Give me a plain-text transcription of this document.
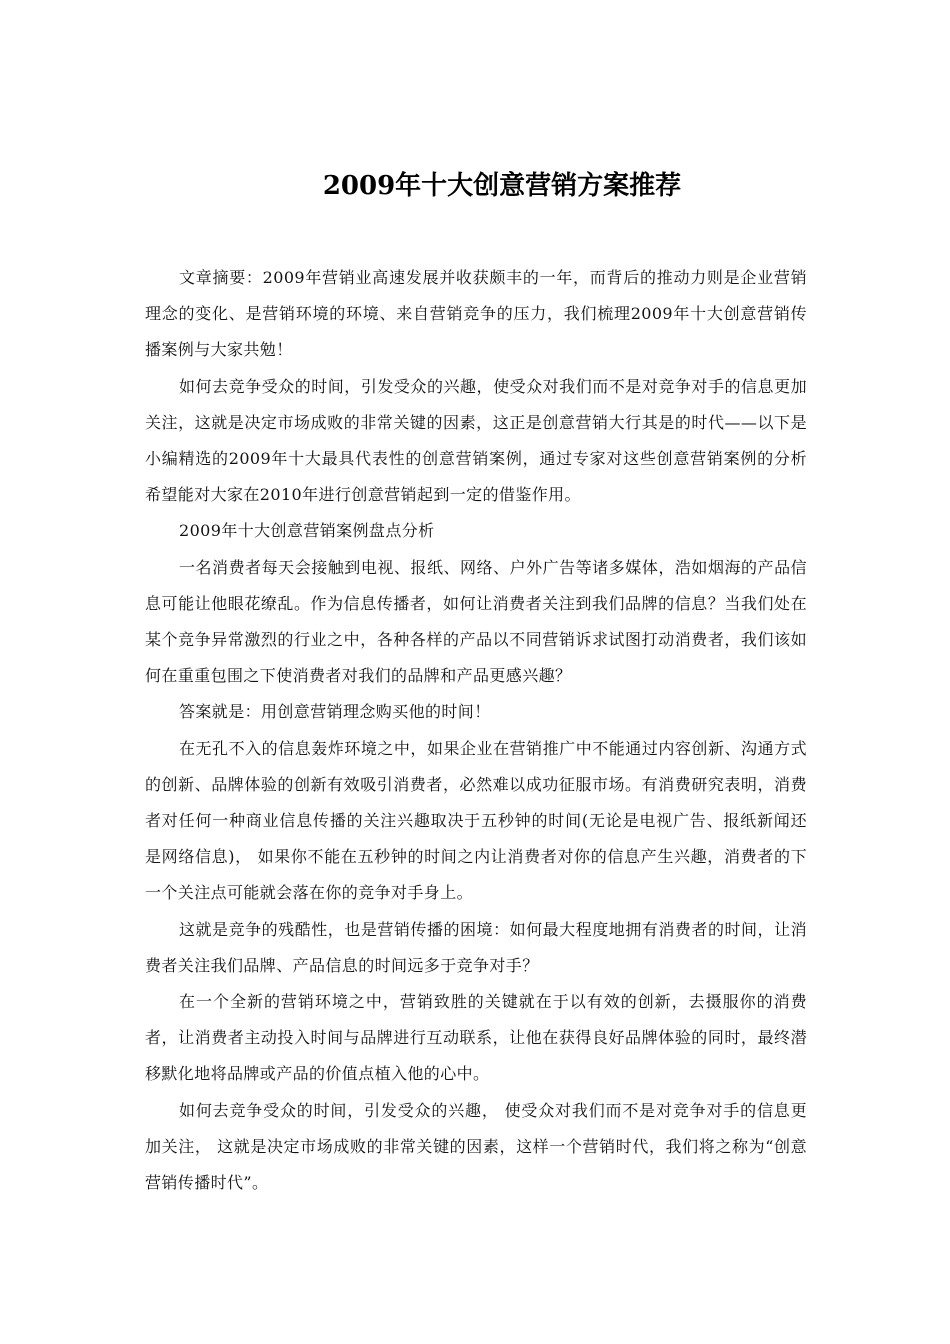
2009年十大创意营销方案推荐

文章摘要：2009年营销业高速发展并收获颇丰的一年，而背后的推动力则是企业营销理念的变化、是营销环境的环境、来自营销竞争的压力，我们梳理2009年十大创意营销传播案例与大家共勉！

如何去竞争受众的时间，引发受众的兴趣，使受众对我们而不是对竞争对手的信息更加关注，这就是决定市场成败的非常关键的因素，这正是创意营销大行其是的时代——以下是小编精选的2009年十大最具代表性的创意营销案例，通过专家对这些创意营销案例的分析希望能对大家在2010年进行创意营销起到一定的借鉴作用。

2009年十大创意营销案例盘点分析

一名消费者每天会接触到电视、报纸、网络、户外广告等诸多媒体，浩如烟海的产品信息可能让他眼花缭乱。作为信息传播者，如何让消费者关注到我们品牌的信息？当我们处在某个竞争异常激烈的行业之中，各种各样的产品以不同营销诉求试图打动消费者，我们该如何在重重包围之下使消费者对我们的品牌和产品更感兴趣？

答案就是：用创意营销理念购买他的时间！

在无孔不入的信息轰炸环境之中，如果企业在营销推广中不能通过内容创新、沟通方式的创新、品牌体验的创新有效吸引消费者，必然难以成功征服市场。有消费研究表明，消费者对任何一种商业信息传播的关注兴趣取决于五秒钟的时间(无论是电视广告、报纸新闻还是网络信息)， 如果你不能在五秒钟的时间之内让消费者对你的信息产生兴趣，消费者的下一个关注点可能就会落在你的竞争对手身上。

这就是竞争的残酷性，也是营销传播的困境：如何最大程度地拥有消费者的时间，让消费者关注我们品牌、产品信息的时间远多于竞争对手？

在一个全新的营销环境之中，营销致胜的关键就在于以有效的创新，去摄服你的消费者，让消费者主动投入时间与品牌进行互动联系，让他在获得良好品牌体验的同时，最终潜移默化地将品牌或产品的价值点植入他的心中。

如何去竞争受众的时间，引发受众的兴趣， 使受众对我们而不是对竞争对手的信息更加关注， 这就是决定市场成败的非常关键的因素，这样一个营销时代，我们将之称为“创意营销传播时代”。
